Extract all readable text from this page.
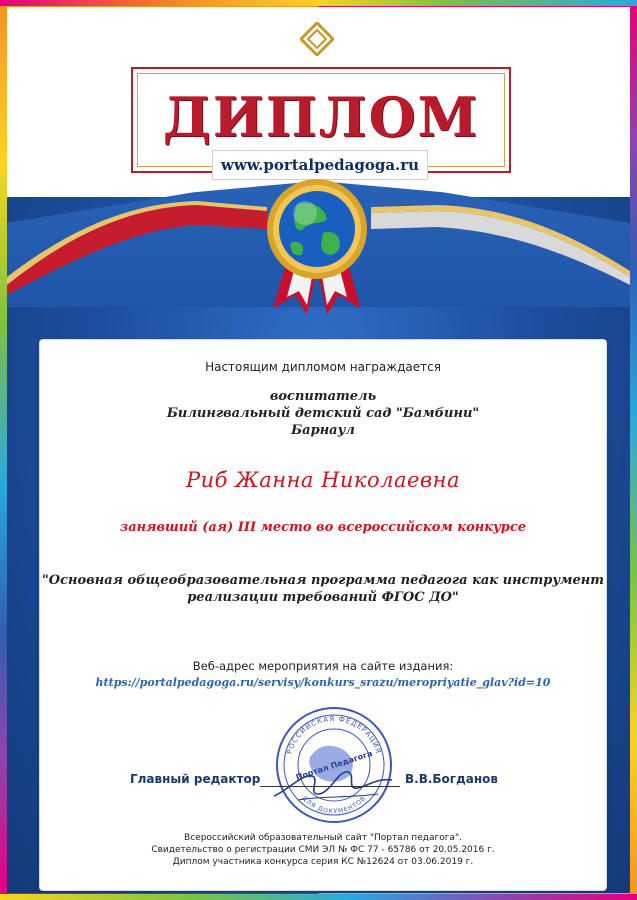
ДИПЛОМ
www.portalpedagoga.ru
Настоящим дипломом награждается
воспитатель
Билингвальный детский сад "Бамбини"
Барнаул
Риб Жанна Николаевна
занявший (ая) III место во всероссийском конкурсе
"Основная общеобразовательная программа педагога как инструмент
реализации требований ФГОС ДО"
Веб-адрес мероприятия на сайте издания:
https://portalpedagoga.ru/servisy/konkurs_srazu/meropriyatie_glav?id=10
РОССИЙСКАЯ ФЕДЕРАЦИЯ
ДЛЯ ДОКУМЕНТОВ
Портал Педагога
Главный редактор	В.В.Богданов
Всероссийский образовательный сайт "Портал педагога".
Свидетельство о регистрации СМИ ЭЛ № ФС 77 - 65786 от 20.05.2016 г.
Диплом участника конкурса серия КС №12624 от 03.06.2019 г.
